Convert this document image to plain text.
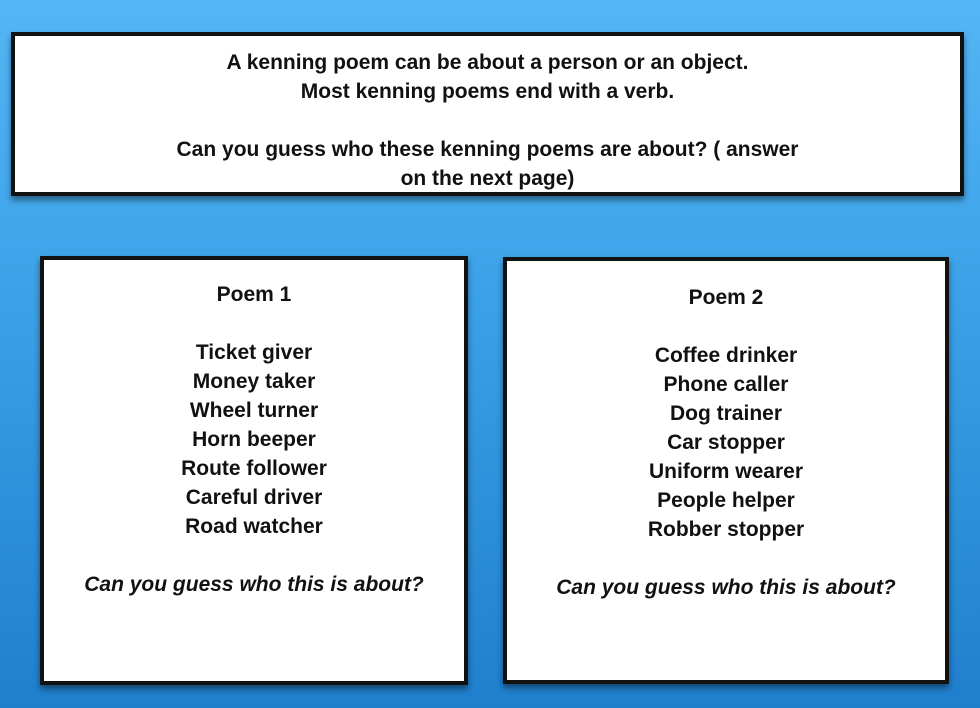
A kenning poem can be about a person or an object.
Most kenning poems end with a verb.
Can you guess who these kenning poems are about? ( answer
on the next page)
Poem 1
Ticket giver
Money taker
Wheel turner
Horn beeper
Route follower
Careful driver
Road watcher
Can you guess who this is about?
Poem 2
Coffee drinker
Phone caller
Dog trainer
Car stopper
Uniform wearer
People helper
Robber stopper
Can you guess who this is about?
